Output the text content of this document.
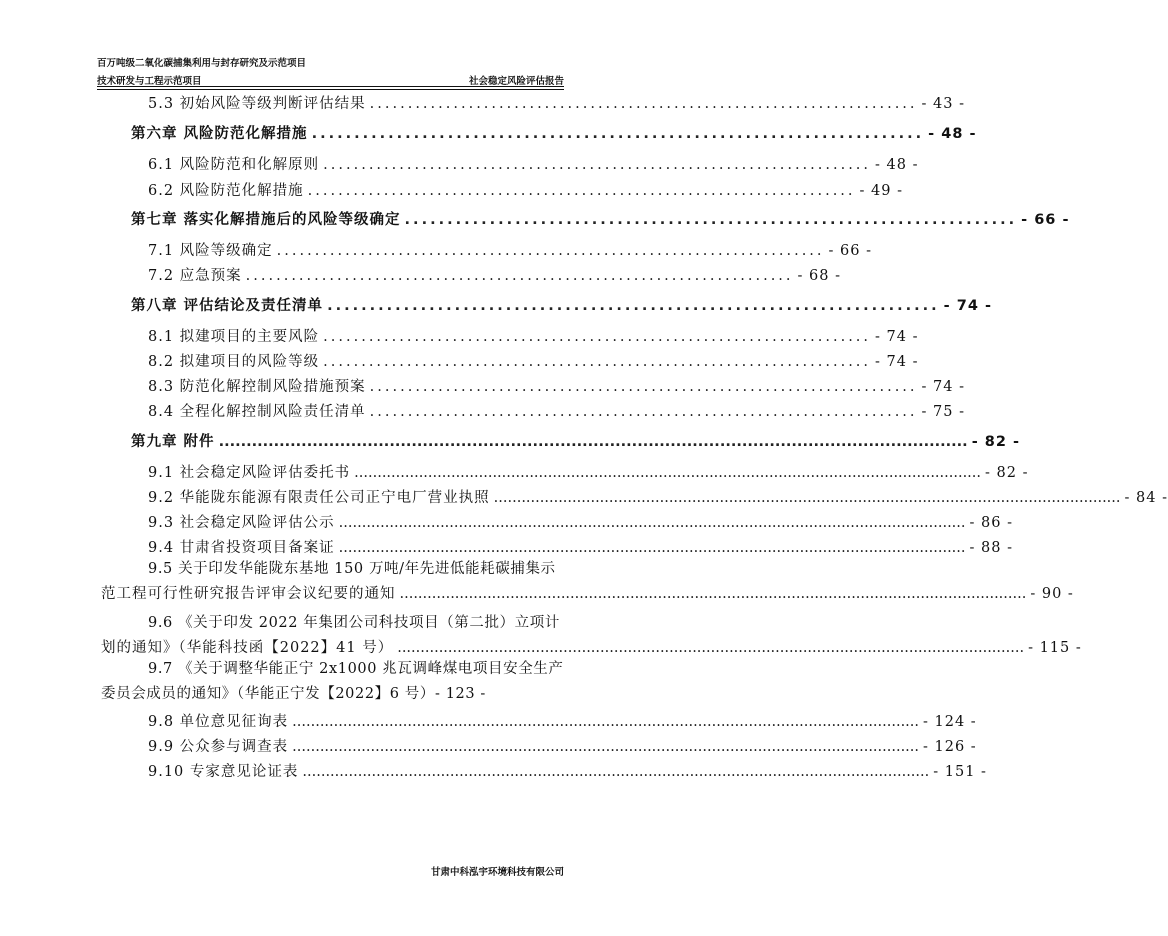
百万吨级二氧化碳捕集利用与封存研究及示范项目
技术研发与工程示范项目	社会稳定风险评估报告
5.3 初始风险等级判断评估结果 ........................................................................ - 43 -
第六章 风险防范化解措施 ........................................................................ - 48 -
6.1 风险防范和化解原则 ........................................................................ - 48 -
6.2 风险防范化解措施 ........................................................................ - 49 -
第七章 落实化解措施后的风险等级确定 ........................................................................ - 66 -
7.1 风险等级确定 ........................................................................ - 66 -
7.2 应急预案 ........................................................................ - 68 -
第八章 评估结论及责任清单 ........................................................................ - 74 -
8.1 拟建项目的主要风险 ........................................................................ - 74 -
8.2 拟建项目的风险等级 ........................................................................ - 74 -
8.3 防范化解控制风险措施预案 ........................................................................ - 74 -
8.4 全程化解控制风险责任清单 ........................................................................ - 75 -
第九章 附件 ........................................................................................................................................ - 82 -
9.1 社会稳定风险评估委托书 ........................................................................................................................................ - 82 -
9.2 华能陇东能源有限责任公司正宁电厂营业执照 ........................................................................................................................................ - 84 -
9.3 社会稳定风险评估公示 ........................................................................................................................................ - 86 -
9.4 甘肃省投资项目备案证 ........................................................................................................................................ - 88 -
9.5 关于印发华能陇东基地 150 万吨/年先进低能耗碳捕集示
范工程可行性研究报告评审会议纪要的通知 ........................................................................................................................................ - 90 -
9.6 《关于印发 2022 年集团公司科技项目（第二批）立项计
划的通知》（华能科技函【2022】41 号） ........................................................................................................................................ - 115 -
9.7 《关于调整华能正宁 2x1000 兆瓦调峰煤电项目安全生产
委员会成员的通知》（华能正宁发【2022】6 号）- 123 -
9.8 单位意见征询表 ........................................................................................................................................ - 124 -
9.9 公众参与调查表 ........................................................................................................................................ - 126 -
9.10 专家意见论证表 ........................................................................................................................................ - 151 -
甘肃中科泓宇环境科技有限公司
